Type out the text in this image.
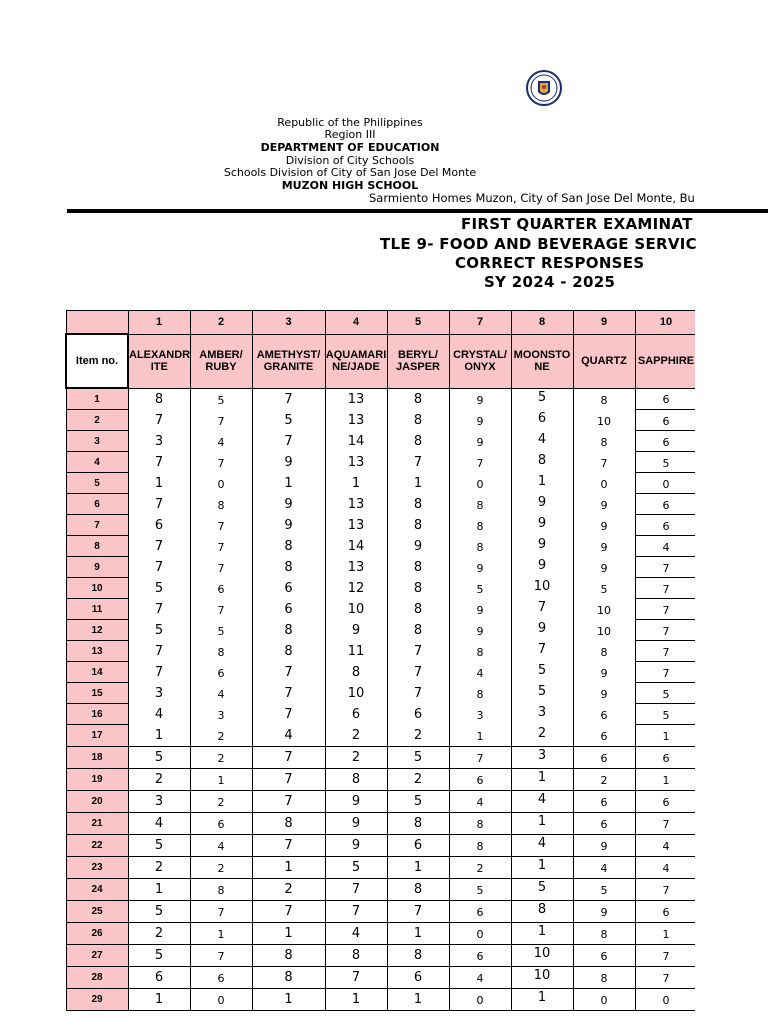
Republic of the Philippines
Region III
DEPARTMENT OF EDUCATION
Division of City Schools
Schools Division of City of San Jose Del Monte
MUZON HIGH SCHOOL
Sarmiento Homes Muzon, City of San Jose Del Monte, Bu
FIRST QUARTER EXAMINAT
TLE 9- FOOD AND BEVERAGE SERVIC
CORRECT RESPONSES
SY 2024 - 2025
	1	2	3	4	5	7	8	9	10
Item no.	ALEXANDR ITE	AMBER/ RUBY	AMETHYST/ GRANITE	AQUAMARI NE/JADE	BERYL/ JASPER	CRYSTAL/ ONYX	MOONSTO NE	QUARTZ	SAPPHIRE
1	8	5	7	13	8	9	5	8	6
2	7	7	5	13	8	9	6	10	6
3	3	4	7	14	8	9	4	8	6
4	7	7	9	13	7	7	8	7	5
5	1	0	1	1	1	0	1	0	0
6	7	8	9	13	8	8	9	9	6
7	6	7	9	13	8	8	9	9	6
8	7	7	8	14	9	8	9	9	4
9	7	7	8	13	8	9	9	9	7
10	5	6	6	12	8	5	10	5	7
11	7	7	6	10	8	9	7	10	7
12	5	5	8	9	8	9	9	10	7
13	7	8	8	11	7	8	7	8	7
14	7	6	7	8	7	4	5	9	7
15	3	4	7	10	7	8	5	9	5
16	4	3	7	6	6	3	3	6	5
17	1	2	4	2	2	1	2	6	1
18	5	2	7	2	5	7	3	6	6
19	2	1	7	8	2	6	1	2	1
20	3	2	7	9	5	4	4	6	6
21	4	6	8	9	8	8	1	6	7
22	5	4	7	9	6	8	4	9	4
23	2	2	1	5	1	2	1	4	4
24	1	8	2	7	8	5	5	5	7
25	5	7	7	7	7	6	8	9	6
26	2	1	1	4	1	0	1	8	1
27	5	7	8	8	8	6	10	6	7
28	6	6	8	7	6	4	10	8	7
29	1	0	1	1	1	0	1	0	0
